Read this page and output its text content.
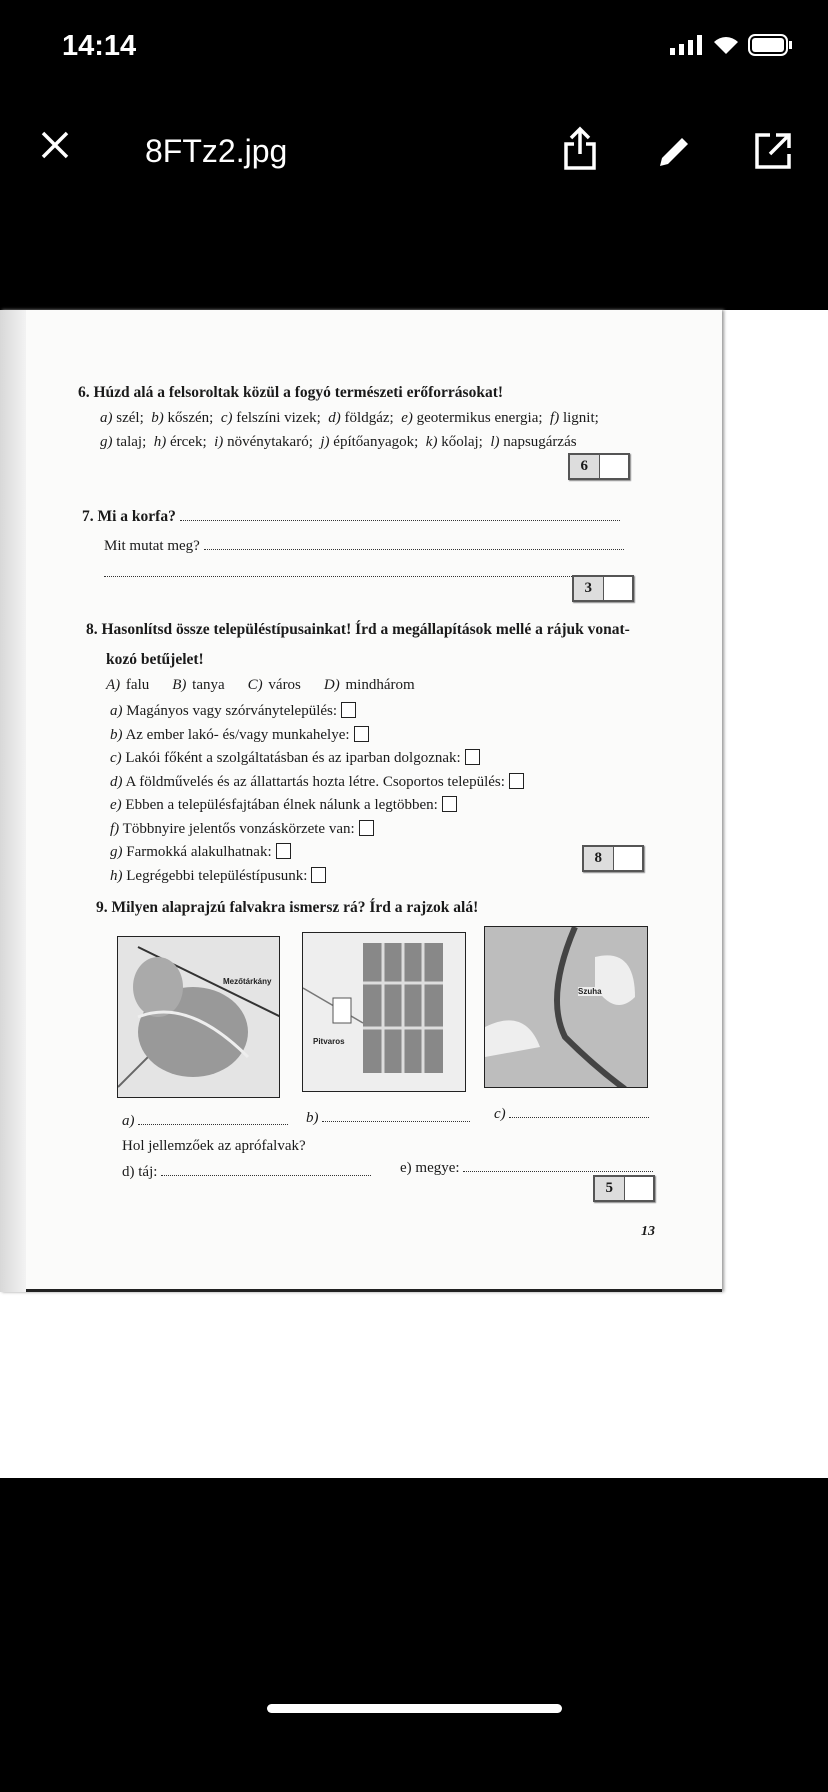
14:14
8FTz2.jpg
6. Húzd alá a felsoroltak közül a fogyó természeti erőforrásokat!
a) szél; b) kőszén; c) felszíni vizek; d) földgáz; e) geotermikus energia; f) lignit;
g) talaj; h) ércek; i) növénytakaró; j) építőanyagok; k) kőolaj; l) napsugárzás
6
7. Mi a korfa?
Mit mutat meg?
3
8. Hasonlítsd össze településtípusainkat! Írd a megállapítások mellé a rájuk vonat-
kozó betűjelet!
A) falu B) tanya C) város D) mindhárom
a) Magányos vagy szórványtelepülés:
b) Az ember lakó- és/vagy munkahelye:
c) Lakói főként a szolgáltatásban és az iparban dolgoznak:
d) A földművelés és az állattartás hozta létre. Csoportos település:
e) Ebben a településfajtában élnek nálunk a legtöbben:
f) Többnyire jelentős vonzáskörzete van:
g) Farmokká alakulhatnak:
h) Legrégebbi településtípusunk:
8
9. Milyen alaprajzú falvakra ismersz rá? Írd a rajzok alá!
Mezőtárkány
Pitvaros
Szuha
a)	b)	c)
Hol jellemzőek az aprófalvak?
d) táj:	e) megye:
5
13
